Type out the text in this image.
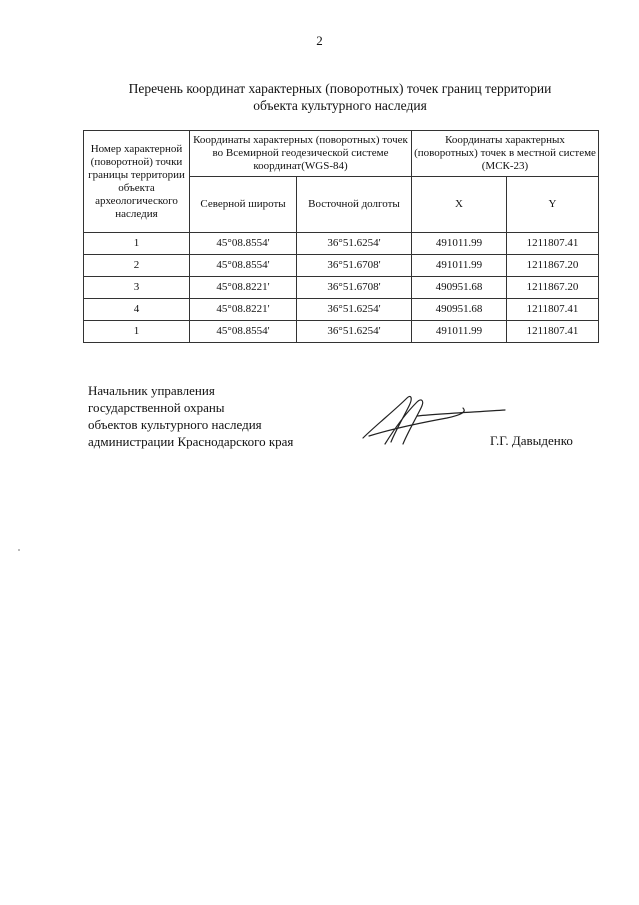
2
Перечень координат характерных (поворотных) точек границ территории
объекта культурного наследия
Номер характерной (поворотной) точки границы территории объекта археологического наследия	Координаты характерных (поворотных) точек во Всемирной геодезической системе координат(WGS-84)		Координаты характерных (поворотных) точек в местной системе (МСК-23)	
	Северной широты	Восточной долготы	X	Y
1	45°08.8554'	36°51.6254'	491011.99	1211807.41
2	45°08.8554'	36°51.6708'	491011.99	1211867.20
3	45°08.8221'	36°51.6708'	490951.68	1211867.20
4	45°08.8221'	36°51.6254'	490951.68	1211807.41
1	45°08.8554'	36°51.6254'	491011.99	1211807.41
Начальник управления
государственной охраны
объектов культурного наследия
администрации Краснодарского края	Г.Г. Давыденко
